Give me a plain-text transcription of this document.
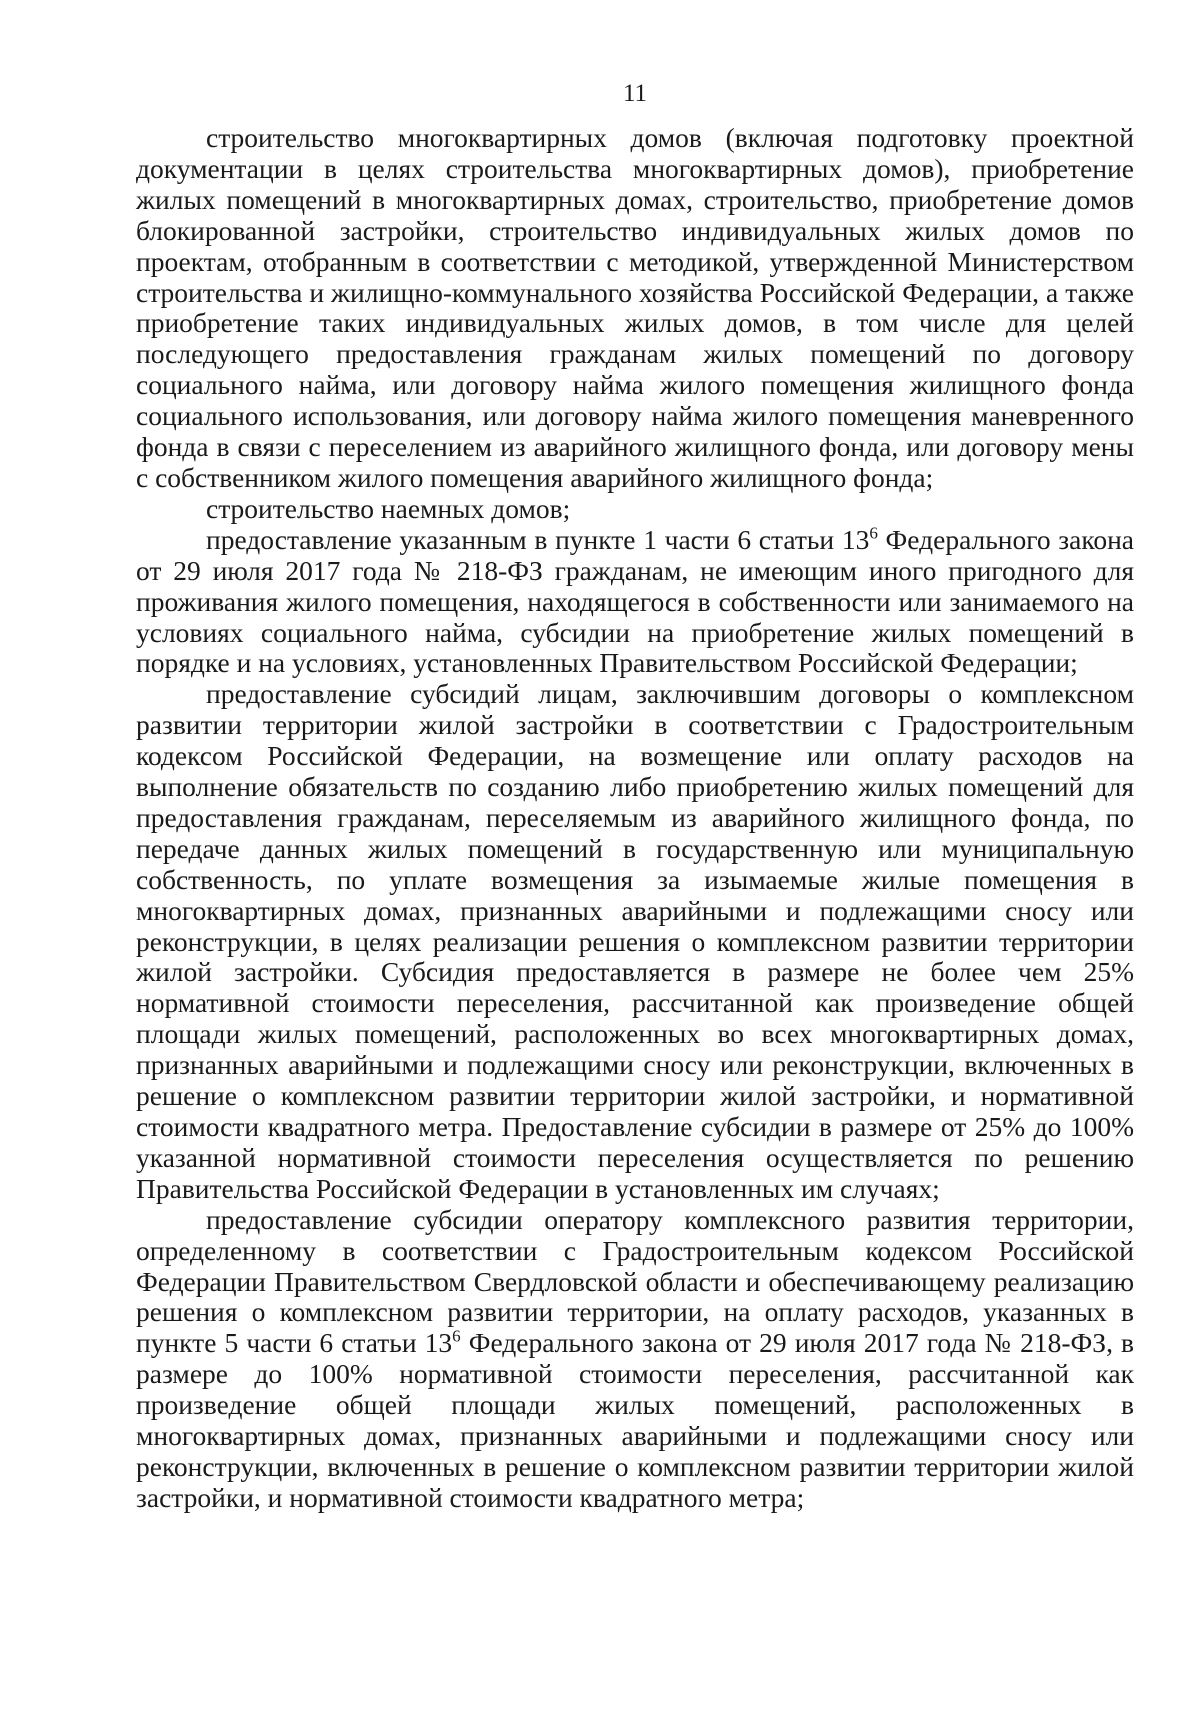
11

строительство многоквартирных домов (включая подготовку проектной документации в целях строительства многоквартирных домов), приобретение жилых помещений в многоквартирных домах, строительство, приобретение домов блокированной застройки, строительство индивидуальных жилых домов по проектам, отобранным в соответствии с методикой, утвержденной Министерством строительства и жилищно-коммунального хозяйства Российской Федерации, а также приобретение таких индивидуальных жилых домов, в том числе для целей последующего предоставления гражданам жилых помещений по договору социального найма, или договору найма жилого помещения жилищного фонда социального использования, или договору найма жилого помещения маневренного фонда в связи с переселением из аварийного жилищного фонда, или договору мены с собственником жилого помещения аварийного жилищного фонда;

строительство наемных домов;

предоставление указанным в пункте 1 части 6 статьи $13^6$ Федерального закона от 29 июля 2017 года № 218-ФЗ гражданам, не имеющим иного пригодного для проживания жилого помещения, находящегося в собственности или занимаемого на условиях социального найма, субсидии на приобретение жилых помещений в порядке и на условиях, установленных Правительством Российской Федерации;

предоставление субсидий лицам, заключившим договоры о комплексном развитии территории жилой застройки в соответствии с Градостроительным кодексом Российской Федерации, на возмещение или оплату расходов на выполнение обязательств по созданию либо приобретению жилых помещений для предоставления гражданам, переселяемым из аварийного жилищного фонда, по передаче данных жилых помещений в государственную или муниципальную собственность, по уплате возмещения за изымаемые жилые помещения в многоквартирных домах, признанных аварийными и подлежащими сносу или реконструкции, в целях реализации решения о комплексном развитии территории жилой застройки. Субсидия предоставляется в размере не более чем 25% нормативной стоимости переселения, рассчитанной как произведение общей площади жилых помещений, расположенных во всех многоквартирных домах, признанных аварийными и подлежащими сносу или реконструкции, включенных в решение о комплексном развитии территории жилой застройки, и нормативной стоимости квадратного метра. Предоставление субсидии в размере от 25% до 100% указанной нормативной стоимости переселения осуществляется по решению Правительства Российской Федерации в установленных им случаях;

предоставление субсидии оператору комплексного развития территории, определенному в соответствии с Градостроительным кодексом Российской Федерации Правительством Свердловской области и обеспечивающему реализацию решения о комплексном развитии территории, на оплату расходов, указанных в пункте 5 части 6 статьи $13^6$ Федерального закона от 29 июля 2017 года № 218-ФЗ, в размере до 100% нормативной стоимости переселения, рассчитанной как произведение общей площади жилых помещений, расположенных в многоквартирных домах, признанных аварийными и подлежащими сносу или реконструкции, включенных в решение о комплексном развитии территории жилой застройки, и нормативной стоимости квадратного метра;
